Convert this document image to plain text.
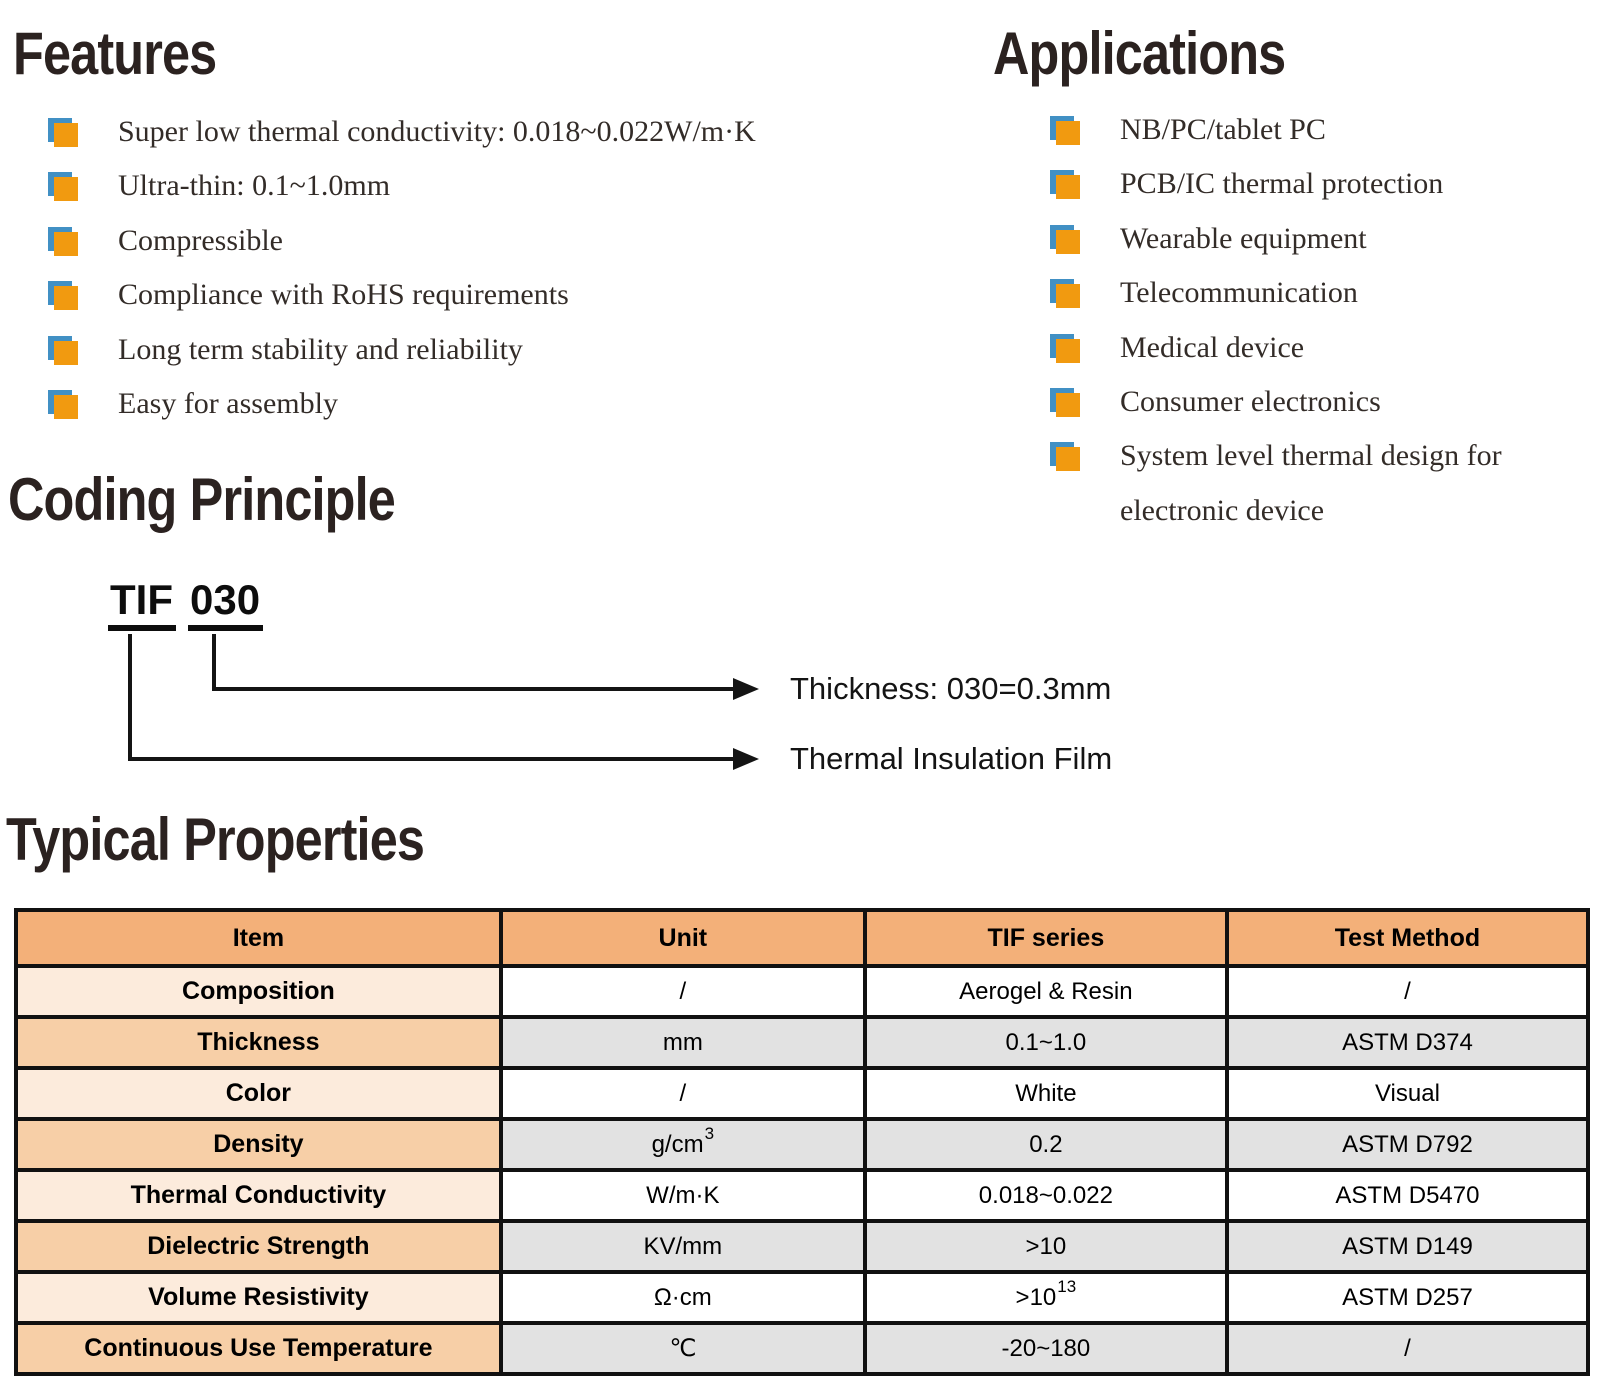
Features
Super low thermal conductivity: 0.018~0.022W/m·K
Ultra-thin: 0.1~1.0mm
Compressible
Compliance with RoHS requirements
Long term stability and reliability
Easy for assembly
Applications
NB/PC/tablet PC
PCB/IC thermal protection
Wearable equipment
Telecommunication
Medical device
Consumer electronics
System level thermal design for electronic device
Coding Principle
TIF 030
Thickness: 030=0.3mm
Thermal Insulation Film
Typical Properties
Item	Unit	TIF series	Test Method
Composition	/	Aerogel & Resin	/
Thickness	mm	0.1~1.0	ASTM D374
Color	/	White	Visual
Density	$g/cm^3$	0.2	ASTM D792
Thermal Conductivity	W/m·K	0.018~0.022	ASTM D5470
Dielectric Strength	KV/mm	>10	ASTM D149
Volume Resistivity	Ω·cm	$>10^{13}$	ASTM D257
Continuous Use Temperature	℃	-20~180	/
